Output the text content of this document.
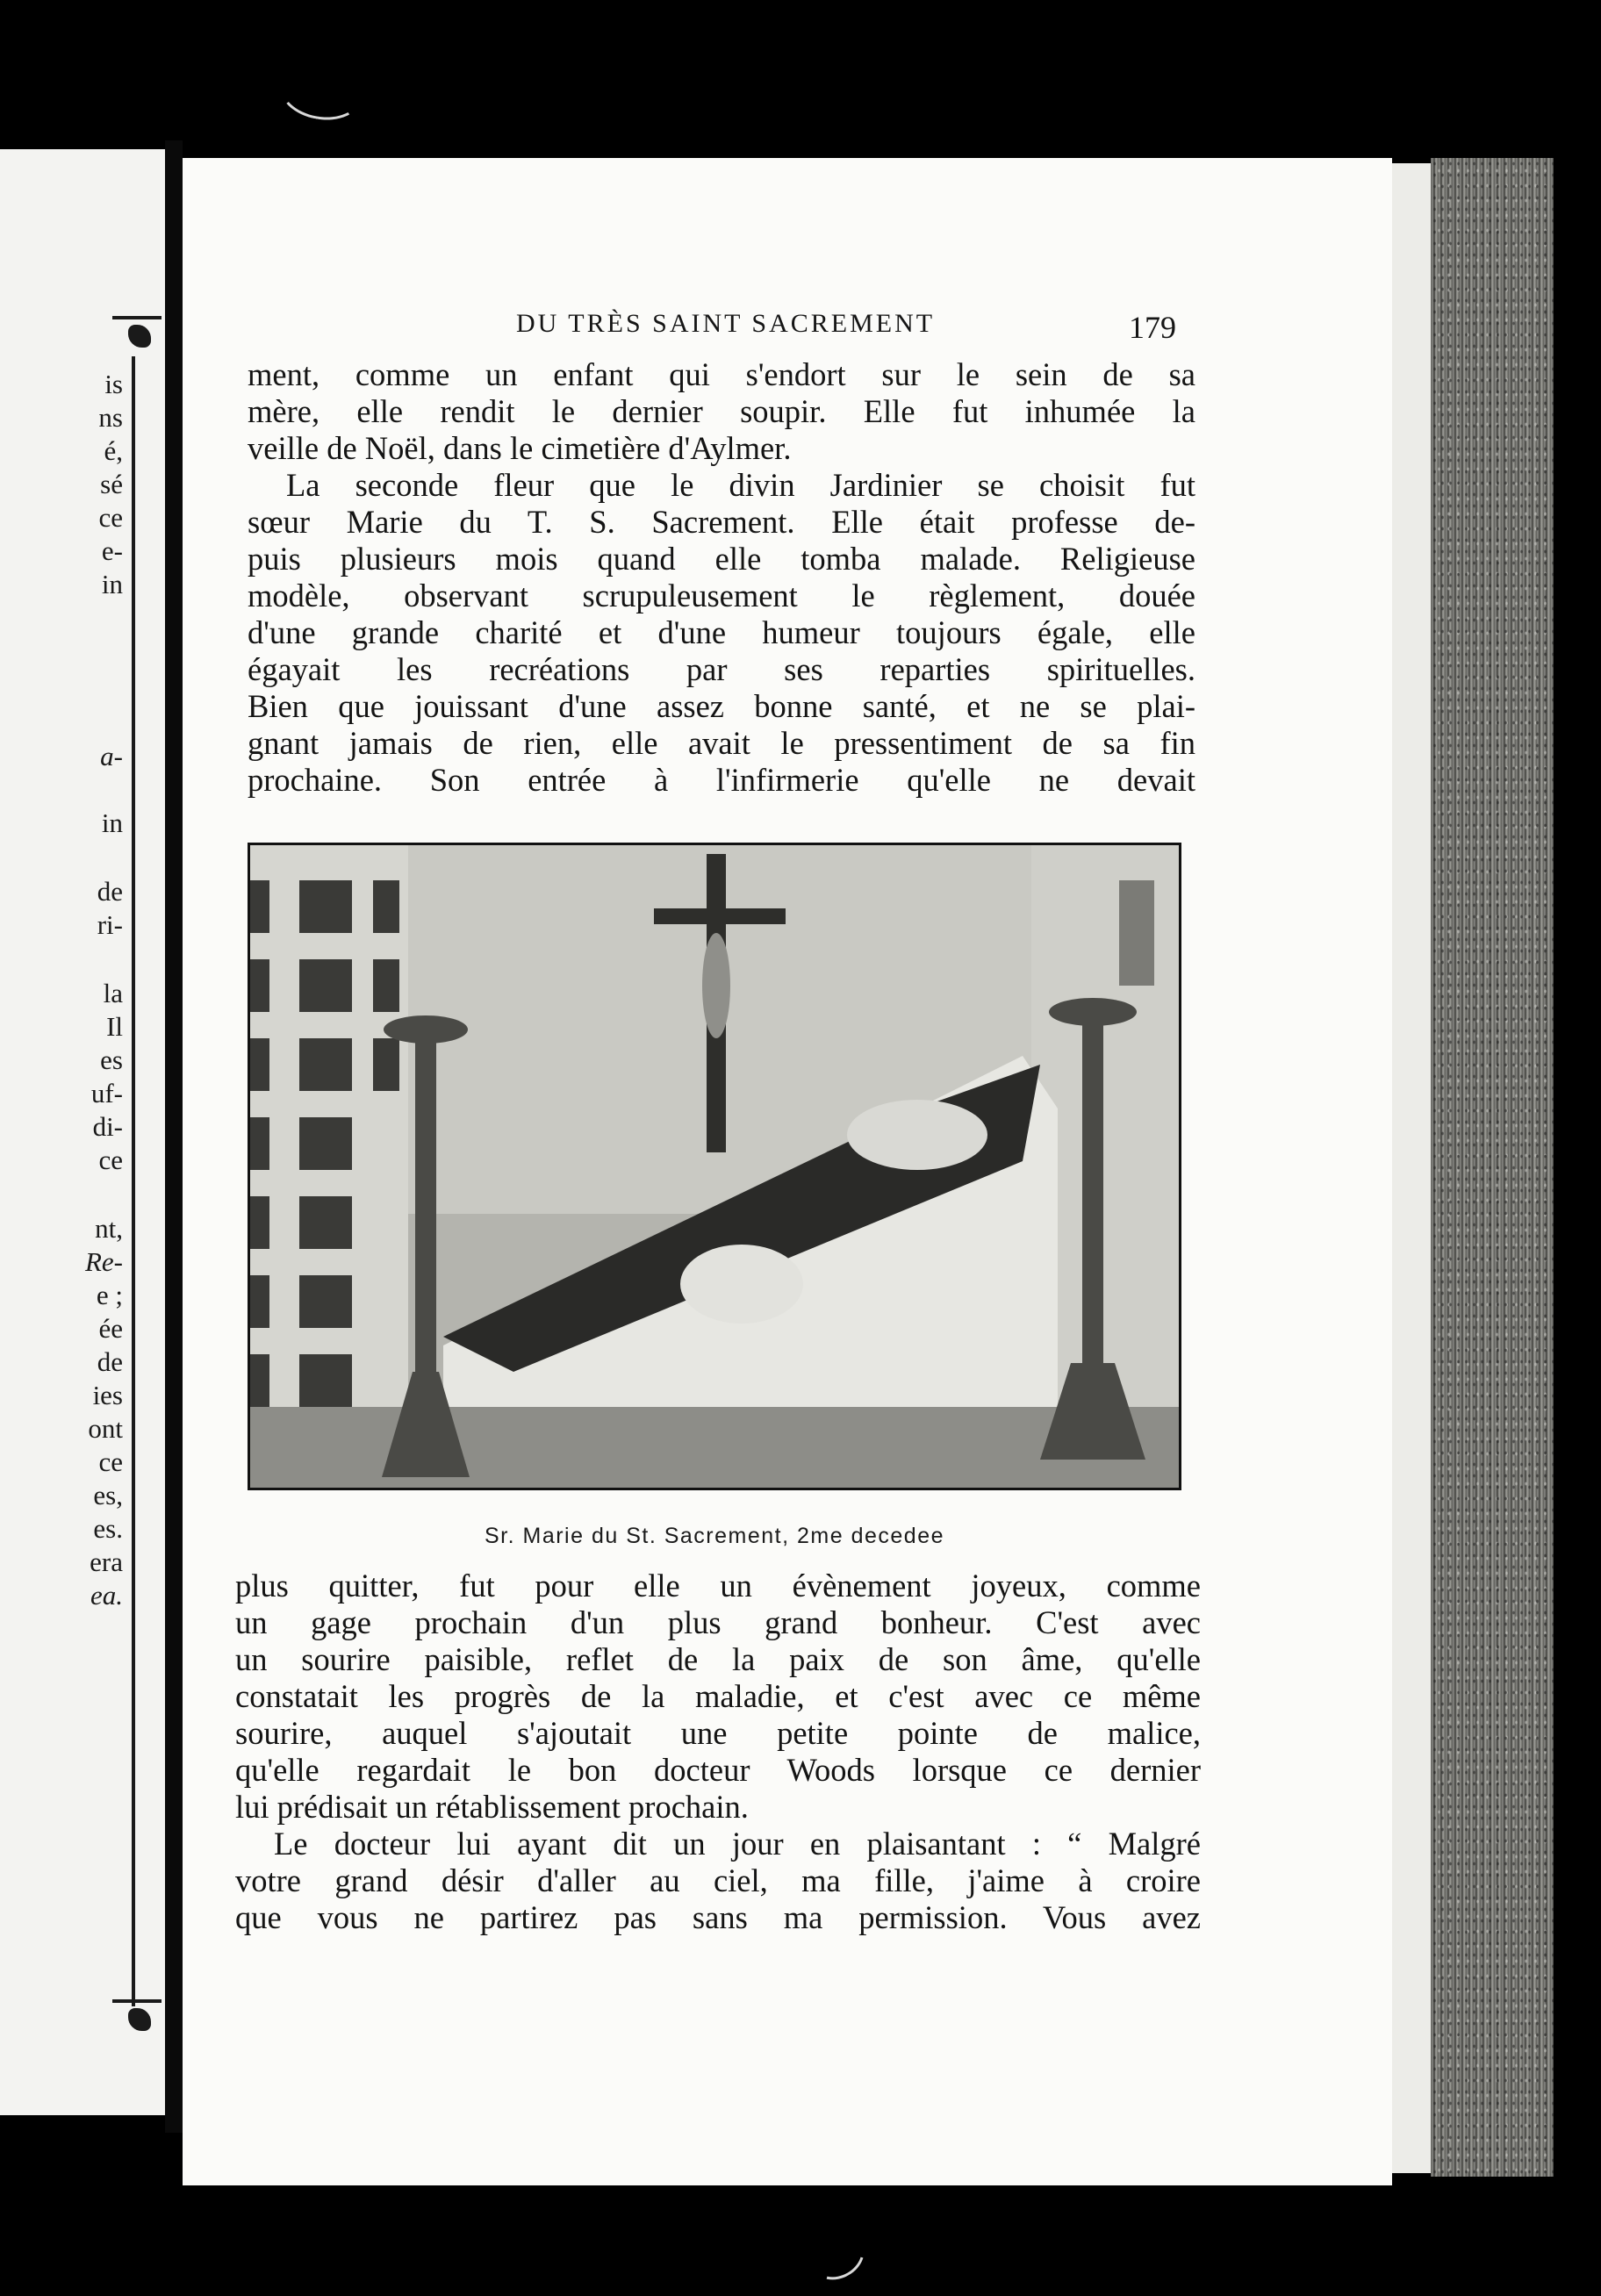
is
ns
é,
sé
ce
e-
in
a-
in
de
ri-
la
Il
es
uf-
di-
ce
nt,
Re-
e ;
ée
de
ies
ont
ce
es,
es.
era
ea.
DU TRÈS SAINT SACREMENT	179
ment, comme un enfant qui s'endort sur le sein de sa
mère, elle rendit le dernier soupir. Elle fut inhumée la
veille de Noël, dans le cimetière d'Aylmer.
La seconde fleur que le divin Jardinier se choisit fut
sœur Marie du T. S. Sacrement. Elle était professe de-
puis plusieurs mois quand elle tomba malade. Religieuse
modèle, observant scrupuleusement le règlement, douée
d'une grande charité et d'une humeur toujours égale, elle
égayait les recréations par ses reparties spirituelles.
Bien que jouissant d'une assez bonne santé, et ne se plai-
gnant jamais de rien, elle avait le pressentiment de sa fin
prochaine. Son entrée à l'infirmerie qu'elle ne devait
Sr. Marie du St. Sacrement, 2me decedee
plus quitter, fut pour elle un évènement joyeux, comme
un gage prochain d'un plus grand bonheur. C'est avec
un sourire paisible, reflet de la paix de son âme, qu'elle
constatait les progrès de la maladie, et c'est avec ce même
sourire, auquel s'ajoutait une petite pointe de malice,
qu'elle regardait le bon docteur Woods lorsque ce dernier
lui prédisait un rétablissement prochain.
Le docteur lui ayant dit un jour en plaisantant : “ Malgré
votre grand désir d'aller au ciel, ma fille, j'aime à croire
que vous ne partirez pas sans ma permission. Vous avez
